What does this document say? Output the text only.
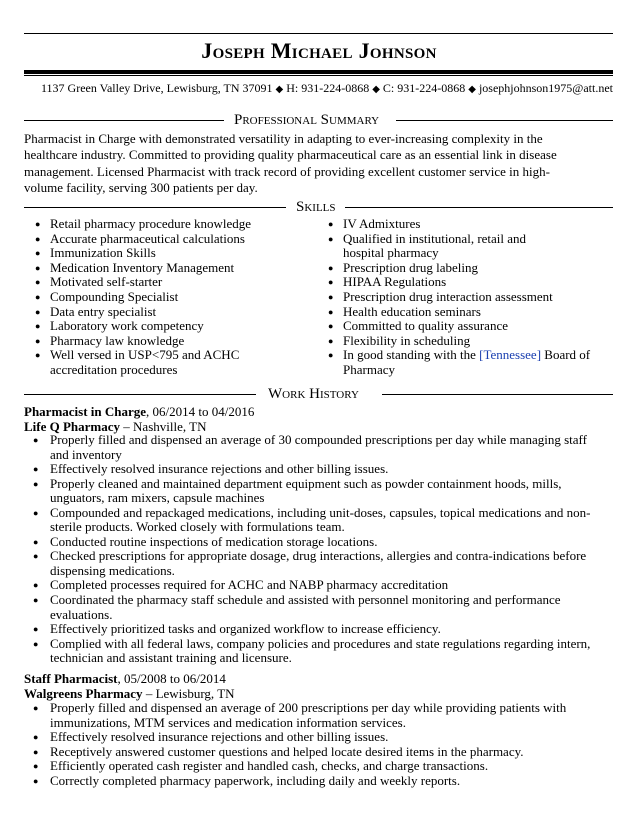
Joseph Michael Johnson
1137 Green Valley Drive, Lewisburg, TN 37091 ◆ H: 931-224-0868 ◆ C: 931-224-0868 ◆ josephjohnson1975@att.net
Professional Summary
Pharmacist in Charge with demonstrated versatility in adapting to ever-increasing complexity in the healthcare industry. Committed to providing quality pharmaceutical care as an essential link in disease management. Licensed Pharmacist with track record of providing excellent customer service in high-volume facility, serving 300 patients per day.
Skills
● Retail pharmacy procedure knowledge
● Accurate pharmaceutical calculations
● Immunization Skills
● Medication Inventory Management
● Motivated self-starter
● Compounding Specialist
● Data entry specialist
● Laboratory work competency
● Pharmacy law knowledge
● Well versed in USP<795 and ACHC accreditation procedures
● IV Admixtures
● Qualified in institutional, retail and hospital pharmacy
● Prescription drug labeling
● HIPAA Regulations
● Prescription drug interaction assessment
● Health education seminars
● Committed to quality assurance
● Flexibility in scheduling
● In good standing with the [Tennessee] Board of Pharmacy
Work History
Pharmacist in Charge, 06/2014 to 04/2016
Life Q Pharmacy – Nashville, TN
● Properly filled and dispensed an average of 30 compounded prescriptions per day while managing staff and inventory
● Effectively resolved insurance rejections and other billing issues.
● Properly cleaned and maintained department equipment such as powder containment hoods, mills, unguators, ram mixers, capsule machines
● Compounded and repackaged medications, including unit-doses, capsules, topical medications and non-sterile products. Worked closely with formulations team.
● Conducted routine inspections of medication storage locations.
● Checked prescriptions for appropriate dosage, drug interactions, allergies and contra-indications before dispensing medications.
● Completed processes required for ACHC and NABP pharmacy accreditation
● Coordinated the pharmacy staff schedule and assisted with personnel monitoring and performance evaluations.
● Effectively prioritized tasks and organized workflow to increase efficiency.
● Complied with all federal laws, company policies and procedures and state regulations regarding intern, technician and assistant training and licensure.
Staff Pharmacist, 05/2008 to 06/2014
Walgreens Pharmacy – Lewisburg, TN
● Properly filled and dispensed an average of 200 prescriptions per day while providing patients with immunizations, MTM services and medication information services.
● Effectively resolved insurance rejections and other billing issues.
● Receptively answered customer questions and helped locate desired items in the pharmacy.
● Efficiently operated cash register and handled cash, checks, and charge transactions.
● Correctly completed pharmacy paperwork, including daily and weekly reports.
